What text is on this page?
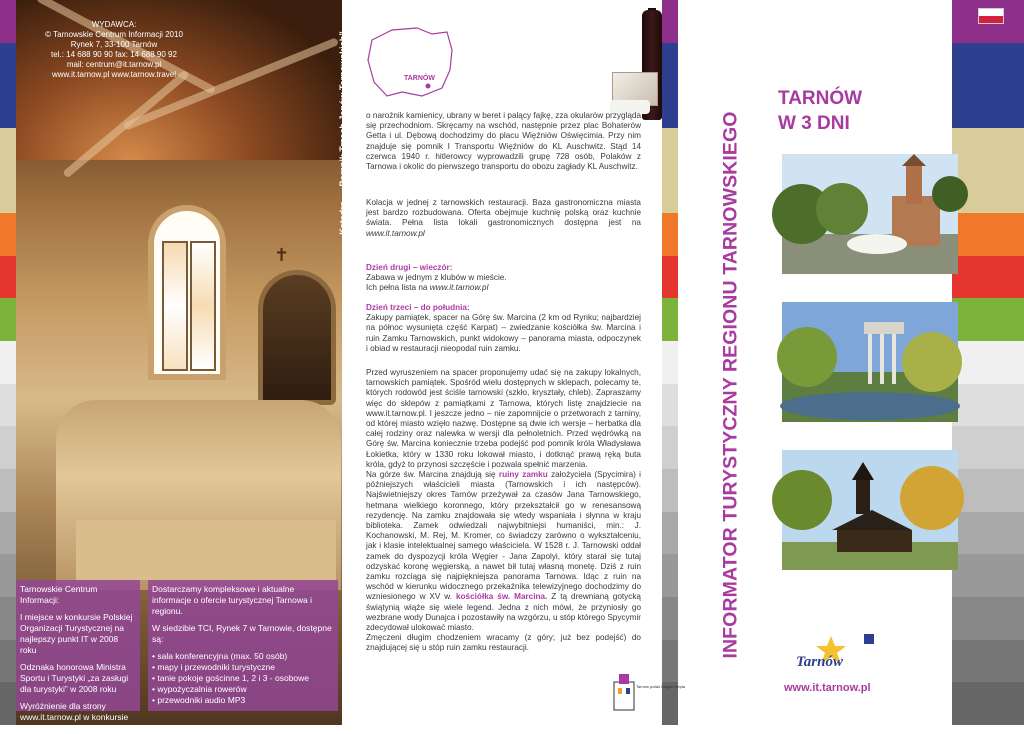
✝
WYDAWCA:
© Tarnowskie Centrum Informacji 2010
Rynek 7, 33-100 Tarnów
tel.: 14 688 90 90 fax: 14 688 90 92
mail: centrum@it.tarnow.pl
www.it.tarnow.pl www.tarnow.travel	Katedra – „Pomnik Trzech Janów Tarnowskich”

Tarnowskie Centrum Informacji:

I miejsce w konkursie Polskiej Organizacji Turystycznej na najlepszy punkt IT w 2008 roku

Odznaka honorowa Ministra Sportu i Turystyki „za zasługi dla turystyki” w 2008 roku

Wyróżnienie dla strony www.it.tarnow.pl w konkursie „Złote Formaty 2008”

Dostarczamy kompleksowe i aktualne informacje o ofercie turystycznej Tarnowa i regionu.

W siedzibie TCI, Rynek 7 w Tarnowie, dostępne są:

• sala konferencyjna (max. 50 osób)
• mapy i przewodniki turystyczne
• tanie pokoje gościnne 1, 2 i 3 - osobowe
• wypożyczalnia rowerów
• przewodniki audio MP3
TARNÓW
o narożnik kamienicy, ubrany w beret i palący fajkę, zza okularów przyglądа się przechodniom. Skręcamy na wschód, następnie przez plac Bohaterów Getta i ul. Dębową dochodzimy do placu Więźniów Oświęcimia. Przy nim znajduje się pomnik I Transportu Więźniów do KL Auschwitz. Stąd 14 czerwca 1940 r. hitlerowcy wyprowadzili grupę 728 osób, Polaków z Tarnowa i okolic do pierwszego transportu do obozu zagłady KL Auschwitz.
Kolacja w jednej z tarnowskich restauracji. Baza gastronomiczna miasta jest bardzo rozbudowana. Oferta obejmuje kuchnię polską oraz kuchnie świata. Pełna lista lokali gastronomicznych dostępna jest na www.it.tarnow.pl
Dzień drugi – wieczór:
Zabawa w jednym z klubów w mieście.
Ich pełna lista na www.it.tarnow.pl
Dzień trzeci – do południa:
Zakupy pamiątek, spacer na Górę św. Marcina (2 km od Rynku; najbardziej na północ wysunięta część Karpat) – zwiedzanie kościółka św. Marcina i ruin Zamku Tarnowskich, punkt widokowy – panorama miasta, odpoczynek i obiad w restauracji nieopodal ruin zamku.
Przed wyruszeniem na spacer proponujemy udać się na zakupy lokalnych, tarnowskich pamiątek. Spośród wielu dostępnych w sklepach, polecamy te, których rodowód jest ściśle tarnowski (szkło, kryształy, chleb). Zapraszamy więc do sklepów z pamiątkami z Tarnowa, których listę znajdziecie na www.it.tarnow.pl. I jeszcze jedno – nie zapomnijcie o przetworach z tarniny, od której miasto wzięło nazwę. Dostępne są dwie ich wersje – herbatka dla całej rodziny oraz nalewka w wersji dla pełnoletnich. Przed wędrówką na Górę św. Marcina koniecznie trzeba podejść pod pomnik króla Władysława Łokietka, który w 1330 roku lokował miasto, i dotknąć prawą ręką buta króla, gdyż to przynosi szczęście i pozwala spełnić marzenia.
Na górze św. Marcina znajdują się ruiny zamku założyciela (Spycimira) i późniejszych właścicieli miasta (Tarnowskich i ich następców). Najświetniejszy okres Tarnów przeżywał za czasów Jana Tarnowskiego, hetmana wielkiego koronnego, który przekształcił go w renesansową rezydencję. Na zamku znajdowała się wtedy wspaniała i słynna w kraju biblioteka. Zamek odwiedzali najwybitniejsi humaniści, min.: J. Kochanowski, M. Rej, M. Kromer, co świadczy zarówno o wykształceniu, jak i klasie intelektualnej samego właściciela. W 1528 r. J. Tarnowski oddał zamek do dyspozycji króla Węgier - Jana Zapolyi, który starał się tutaj odzyskać koronę węgierską, a nawet bił tutaj własną monetę. Dziś z ruin zamku rozciąga się najpiękniejsza panorama Tarnowa. Idąc z ruin na wschód w kierunku widocznego przekaźnika telewizyjnego dochodzimy do wzniesionego w XV w. kościółka św. Marcina. Z tą drewnianą gotycką świątynią wiąże się wiele legend. Jedna z nich mówi, że przyniosły go wezbrane wody Dunajca i pozostawiły na wzgórzu, u stóp którego Spycymir zdecydował ulokować miasto.
Zmęczeni długim chodzeniem wracamy (z góry; już bez podejść) do znajdującej się u stóp ruin zamku restauracji.
Tarnów polski biegun ciepła
INFORMATOR TURYSTYCZNY REGIONU TARNOWSKIEGO
TARNÓW
W 3 DNI
Tarnów
www.it.tarnow.pl
